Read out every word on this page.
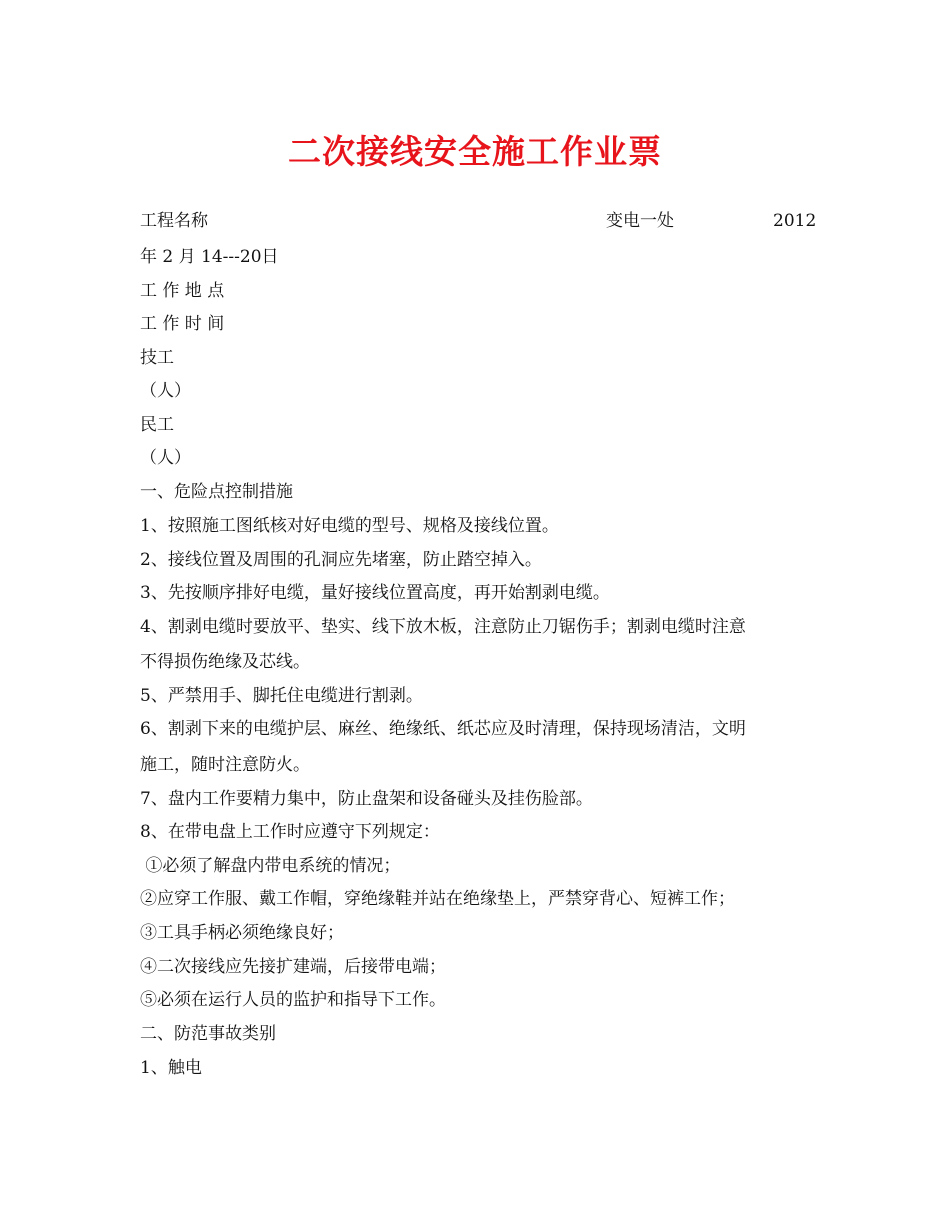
二次接线安全施工作业票
工程名称	变电一处	2012
年 2 月 14---20日
工 作 地 点
工 作 时 间
技工
（人）
民工
（人）
一、危险点控制措施
1、按照施工图纸核对好电缆的型号、规格及接线位置。
2、接线位置及周围的孔洞应先堵塞，防止踏空掉入。
3、先按顺序排好电缆，量好接线位置高度，再开始割剥电缆。
4、割剥电缆时要放平、垫实、线下放木板，注意防止刀锯伤手；割剥电缆时注意
不得损伤绝缘及芯线。
5、严禁用手、脚托住电缆进行割剥。
6、割剥下来的电缆护层、麻丝、绝缘纸、纸芯应及时清理，保持现场清洁，文明
施工，随时注意防火。
7、盘内工作要精力集中，防止盘架和设备碰头及挂伤脸部。
8、在带电盘上工作时应遵守下列规定：
①必须了解盘内带电系统的情况；
②应穿工作服、戴工作帽，穿绝缘鞋并站在绝缘垫上，严禁穿背心、短裤工作；
③工具手柄必须绝缘良好；
④二次接线应先接扩建端，后接带电端；
⑤必须在运行人员的监护和指导下工作。
二、防范事故类别
1、触电
